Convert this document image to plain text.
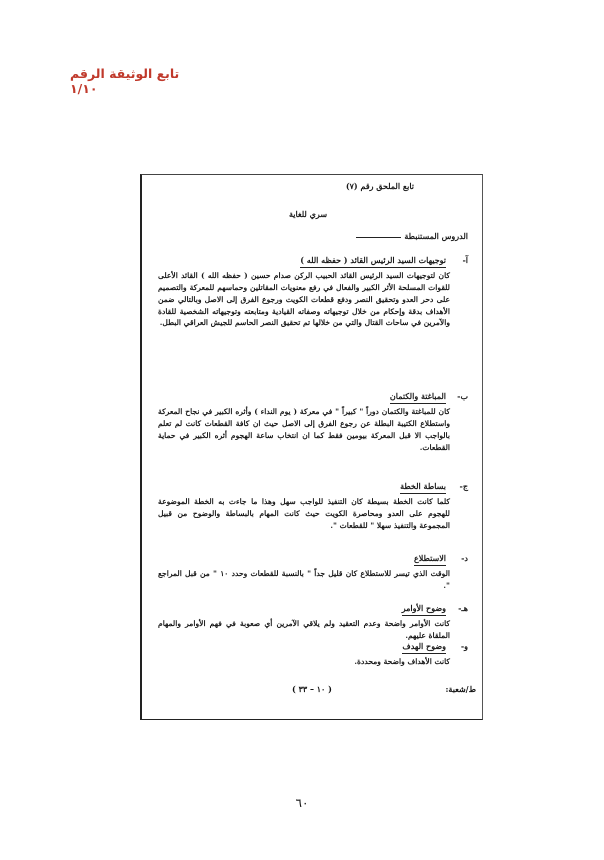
تابع الوثيقة الرقم ١/١٠
تابع الملحق رقم (٧)
سري للغاية
الدروس المستنبطة
آ-
توجيهات السيد الرئيس القائد ( حفظه الله )
كان لتوجيهات السيد الرئيس القائد الحبيب الركن صدام حسين ( حفظه الله ) القائد الأعلى للقوات المسلحة الأثر الكبير والفعال في رفع معنويات المقاتلين وحماسهم للمعركة والتصميم على دحر العدو وتحقيق النصر ودفع قطعات الكويت ورجوع الفرق إلى الاصل وبالتالي ضمن الأهداف بدقة وإحكام من خلال توجيهاته وصفاته القيادية ومتابعته وتوجيهاته الشخصية للقادة والآمرين في ساحات القتال والتي من خلالها تم تحقيق النصر الحاسم للجيش العراقي البطل.
ب-
المباغتة والكتمان
كان للمباغتة والكتمان دوراً " كبيراً " في معركة ( يوم النداء ) وأثره الكبير في نجاح المعركة واستطلاع الكتيبة البطلة عن رجوع الفرق إلى الاصل حيث ان كافة القطعات كانت لم تعلم بالواجب الا قبل المعركة بيومين فقط كما ان انتخاب ساعة الهجوم أثره الكبير في حماية القطعات.
ج-
بساطة الخطة
كلما كانت الخطة بسيطة كان التنفيذ للواجب سهل وهذا ما جاءت به الخطة الموضوعة للهجوم على العدو ومحاصرة الكويت حيث كانت المهام بالبساطة والوضوح من قبيل المجموعة والتنفيذ سهلا " للقطعات ".
د-
الاستطلاع
الوقت الذي تيسر للاستطلاع كان قليل جداً " بالنسبة للقطعات وحدد ١٠ " من قبل المراجع ".
هـ-
وضوح الأوامر
كانت الأوامر واضحة وعدم التعقيد ولم يلاقي الآمرين أي صعوبة في فهم الأوامر والمهام الملقاة عليهم.
و-
وضوح الهدف
كانت الأهداف واضحة ومحددة.
ط/شعبة:
( ١٠ – ٣٣ )
٦٠
